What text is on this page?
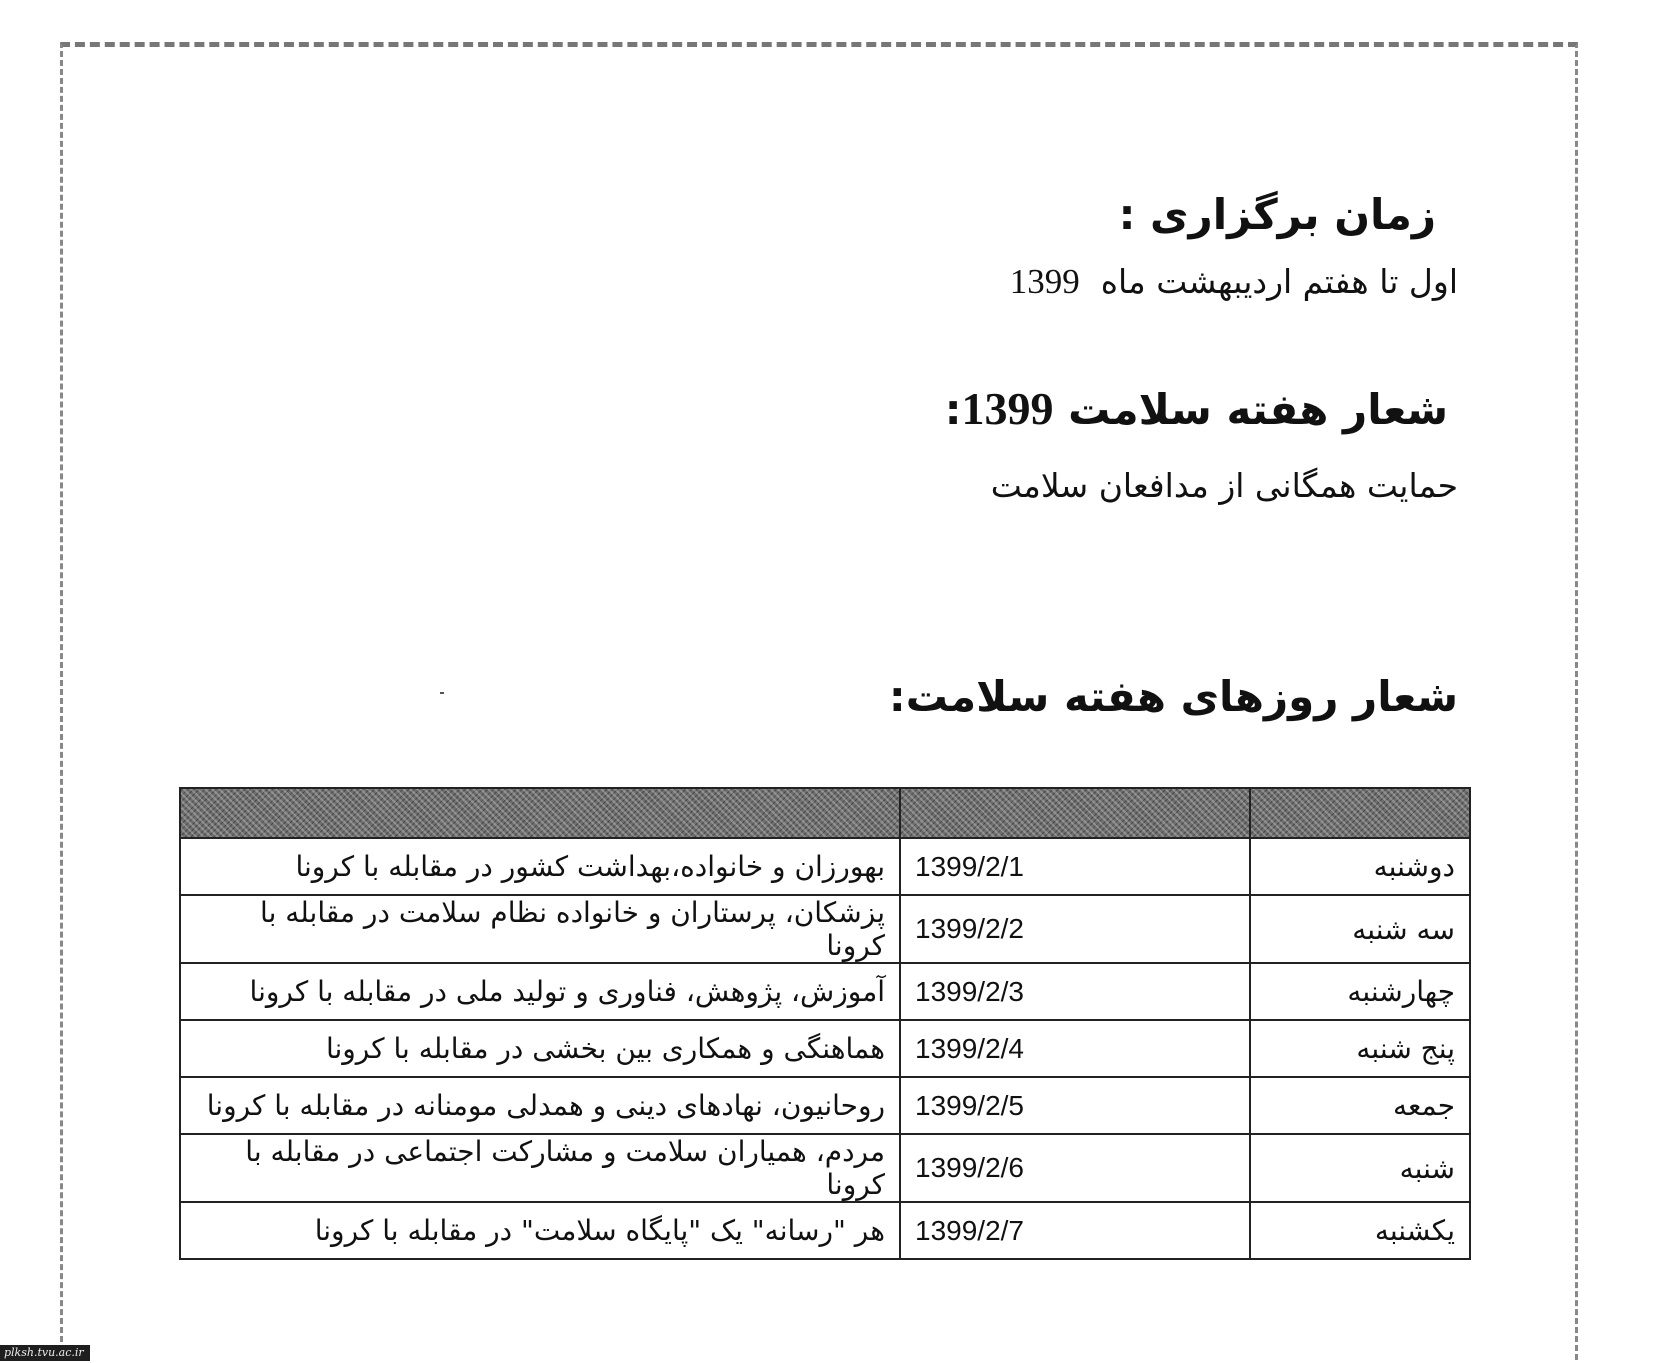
زمان برگزاری :
اول تا هفتم اردیبهشت ماه  1399
شعار هفته سلامت 1399:
حمایت همگانی از مدافعان سلامت
شعار روزهای هفته سلامت:

دوشنبه	1399/2/1	بهورزان و خانواده،بهداشت کشور در مقابله با کرونا
سه شنبه	1399/2/2	پزشکان، پرستاران و خانواده نظام سلامت در مقابله با کرونا
چهارشنبه	1399/2/3	آموزش، پژوهش، فناوری و تولید ملی در مقابله با کرونا
پنج شنبه	1399/2/4	هماهنگی و همکاری بین بخشی در مقابله با کرونا
جمعه	1399/2/5	روحانیون، نهادهای دینی و همدلی مومنانه در مقابله با کرونا
شنبه	1399/2/6	مردم، همیاران سلامت و مشارکت اجتماعی در مقابله با کرونا
یکشنبه	1399/2/7	هر "رسانه" یک "پایگاه سلامت" در مقابله با کرونا
plksh.tvu.ac.ir
